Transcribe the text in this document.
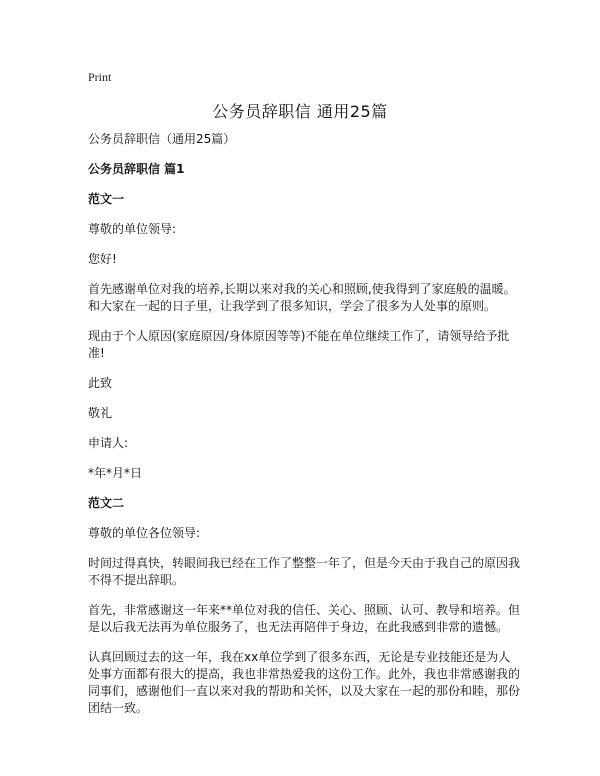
Print
公务员辞职信 通用25篇

公务员辞职信（通用25篇）

公务员辞职信 篇1

范文一

尊敬的单位领导:

您好!

首先感谢单位对我的培养,长期以来对我的关心和照顾,使我得到了家庭般的温暖。和大家在一起的日子里，让我学到了很多知识，学会了很多为人处事的原则。

现由于个人原因(家庭原因/身体原因等等)不能在单位继续工作了，请领导给予批准!

此致

敬礼

申请人:

*年*月*日

范文二

尊敬的单位各位领导:

时间过得真快，转眼间我已经在工作了整整一年了，但是今天由于我自己的原因我不得不提出辞职。

首先，非常感谢这一年来**单位对我的信任、关心、照顾、认可、教导和培养。但是以后我无法再为单位服务了，也无法再陪伴于身边，在此我感到非常的遗憾。

认真回顾过去的这一年，我在xx单位学到了很多东西，无论是专业技能还是为人处事方面都有很大的提高，我也非常热爱我的这份工作。此外，我也非常感谢我的同事们，感谢他们一直以来对我的帮助和关怀，以及大家在一起的那份和睦，那份团结一致。
